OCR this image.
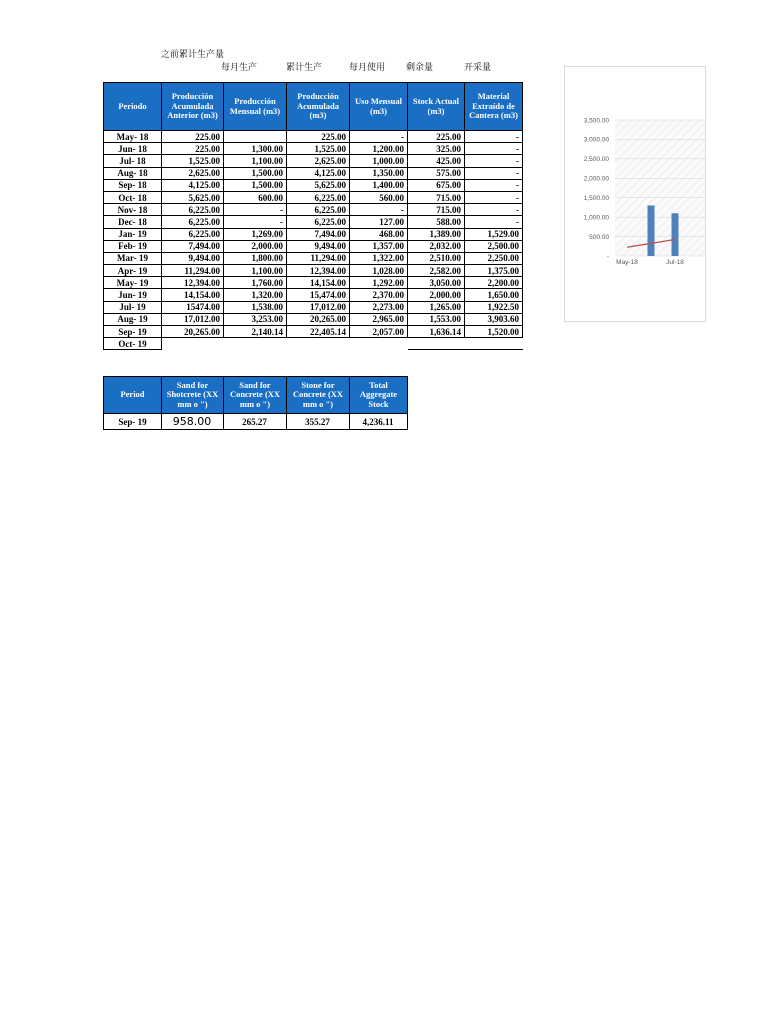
之前累计生产量
每月生产	累计生产	每月使用 剩余量	开采量
Periodo	Producción Acumulada Anterior (m3)	Producción Mensual (m3)	Producción Acumulada (m3)	Uso Mensual (m3)	Stock Actual (m3)	Material Extraído de Cantera (m3)
May- 18	225.00		225.00	-	225.00	-
Jun- 18	225.00	1,300.00	1,525.00	1,200.00	325.00	-
Jul- 18	1,525.00	1,100.00	2,625.00	1,000.00	425.00	-
Aug- 18	2,625.00	1,500.00	4,125.00	1,350.00	575.00	-
Sep- 18	4,125.00	1,500.00	5,625.00	1,400.00	675.00	-
Oct- 18	5,625.00	600.00	6,225.00	560.00	715.00	-
Nov- 18	6,225.00	-	6,225.00	-	715.00	-
Dec- 18	6,225.00	-	6,225.00	127.00	588.00	-
Jan- 19	6,225.00	1,269.00	7,494.00	468.00	1,389.00	1,529.00
Feb- 19	7,494.00	2,000.00	9,494.00	1,357.00	2,032.00	2,500.00
Mar- 19	9,494.00	1,800.00	11,294.00	1,322.00	2,510.00	2,250.00
Apr- 19	11,294.00	1,100.00	12,394.00	1,028.00	2,582.00	1,375.00
May- 19	12,394.00	1,760.00	14,154.00	1,292.00	3,050.00	2,200.00
Jun- 19	14,154.00	1,320.00	15,474.00	2,370.00	2,000.00	1,650.00
Jul- 19	15474.00	1,538.00	17,012.00	2,273.00	1,265.00	1,922.50
Aug- 19	17,012.00	3,253.00	20,265.00	2,965.00	1,553.00	3,903.60
Sep- 19	20,265.00	2,140.14	22,405.14	2,057.00	1,636.14	1,520.00
Oct- 19						
Period	Sand for Shotcrete (XX mm o ")	Sand for Concrete (XX mm o ")	Stone for Concrete (XX mm o ")	Total Aggregate Stock
Sep- 19	958.00	265.27	355.27	4,236.11
-
500.00
1,000.00
1,500.00
2,000.00
2,500.00
3,000.00
3,500.00
May-18	Jul-18
